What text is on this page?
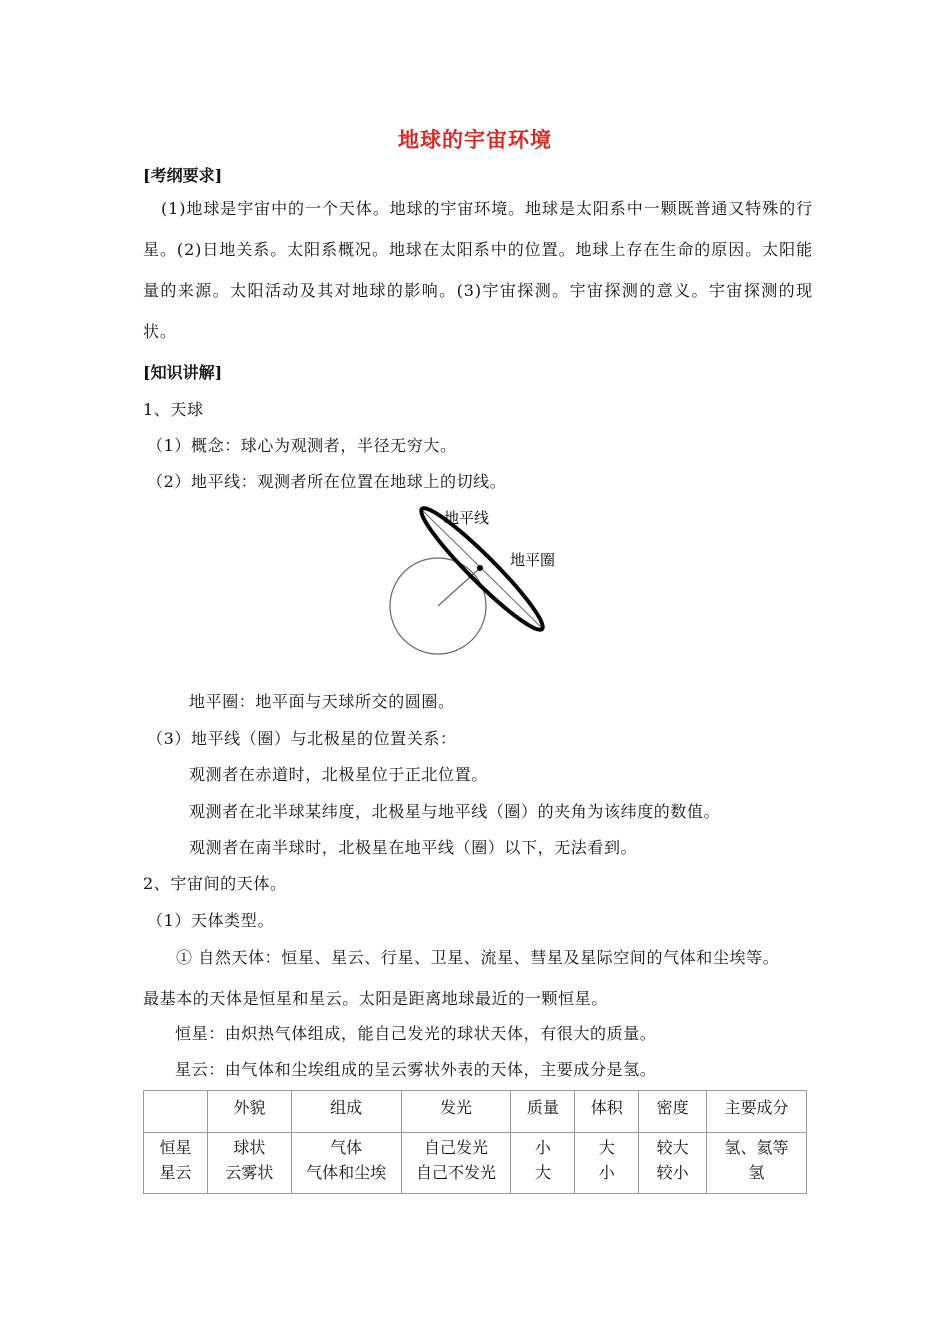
地球的宇宙环境
[考纲要求]
(1)地球是宇宙中的一个天体。地球的宇宙环境。地球是太阳系中一颗既普通又特殊的行星。(2)日地关系。太阳系概况。地球在太阳系中的位置。地球上存在生命的原因。太阳能量的来源。太阳活动及其对地球的影响。(3)宇宙探测。宇宙探测的意义。宇宙探测的现状。
[知识讲解]
1、天球
（1）概念：球心为观测者，半径无穷大。
（2）地平线：观测者所在位置在地球上的切线。
地平线
地平圈
地平圈：地平面与天球所交的圆圈。
（3）地平线（圈）与北极星的位置关系：
观测者在赤道时，北极星位于正北位置。
观测者在北半球某纬度，北极星与地平线（圈）的夹角为该纬度的数值。
观测者在南半球时，北极星在地平线（圈）以下，无法看到。
2、宇宙间的天体。
（1）天体类型。
① 自然天体：恒星、星云、行星、卫星、流星、彗星及星际空间的气体和尘埃等。
最基本的天体是恒星和星云。太阳是距离地球最近的一颗恒星。
恒星：由炽热气体组成，能自己发光的球状天体，有很大的质量。
星云：由气体和尘埃组成的呈云雾状外表的天体，主要成分是氢。
	外貌	组成	发光	质量	体积	密度	主要成分
恒星	球状	气体	自己发光	小	大	较大	氢、氦等
星云	云雾状	气体和尘埃	自己不发光	大	小	较小	氢
